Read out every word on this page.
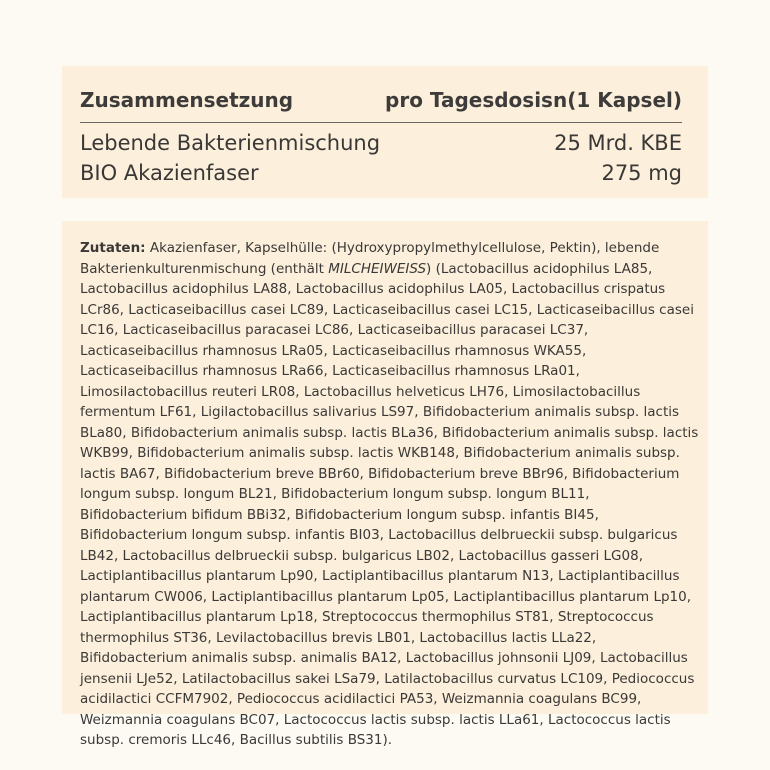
Zusammensetzung	pro Tagesdosisn(1 Kapsel)
Lebende Bakterienmischung	25 Mrd. KBE
BIO Akazienfaser	275 mg

Zutaten: Akazienfaser, Kapselhülle: (Hydroxypropylmethylcellulose, Pektin), lebende Bakterienkulturenmischung (enthält MILCHEIWEISS) (Lactobacillus acidophilus LA85, Lactobacillus acidophilus LA88, Lactobacillus acidophilus LA05, Lactobacillus crispatus LCr86, Lacticaseibacillus casei LC89, Lacticaseibacillus casei LC15, Lacticaseibacillus casei LC16, Lacticaseibacillus paracasei LC86, Lacticaseibacillus paracasei LC37, Lacticaseibacillus rhamnosus LRa05, Lacticaseibacillus rhamnosus WKA55, Lacticaseibacillus rhamnosus LRa66, Lacticaseibacillus rhamnosus LRa01, Limosilactobacillus reuteri LR08, Lactobacillus helveticus LH76, Limosilactobacillus fermentum LF61, Ligilactobacillus salivarius LS97, Bifidobacterium animalis subsp. lactis BLa80, Bifidobacterium animalis subsp. lactis BLa36, Bifidobacterium animalis subsp. lactis WKB99, Bifidobacterium animalis subsp. lactis WKB148, Bifidobacterium animalis subsp. lactis BA67, Bifidobacterium breve BBr60, Bifidobacterium breve BBr96, Bifidobacterium longum subsp. longum BL21, Bifidobacterium longum subsp. longum BL11, Bifidobacterium bifidum BBi32, Bifidobacterium longum subsp. infantis BI45, Bifidobacterium longum subsp. infantis BI03, Lactobacillus delbrueckii subsp. bulgaricus LB42, Lactobacillus delbrueckii subsp. bulgaricus LB02, Lactobacillus gasseri LG08, Lactiplantibacillus plantarum Lp90, Lactiplantibacillus plantarum N13, Lactiplantibacillus plantarum CW006, Lactiplantibacillus plantarum Lp05, Lactiplantibacillus plantarum Lp10, Lactiplantibacillus plantarum Lp18, Streptococcus thermophilus ST81, Streptococcus thermophilus ST36, Levilactobacillus brevis LB01, Lactobacillus lactis LLa22, Bifidobacterium animalis subsp. animalis BA12, Lactobacillus johnsonii LJ09, Lactobacillus jensenii LJe52, Latilactobacillus sakei LSa79, Latilactobacillus curvatus LC109, Pediococcus acidilactici CCFM7902, Pediococcus acidilactici PA53, Weizmannia coagulans BC99, Weizmannia coagulans BC07, Lactococcus lactis subsp. lactis LLa61, Lactococcus lactis subsp. cremoris LLc46, Bacillus subtilis BS31).
